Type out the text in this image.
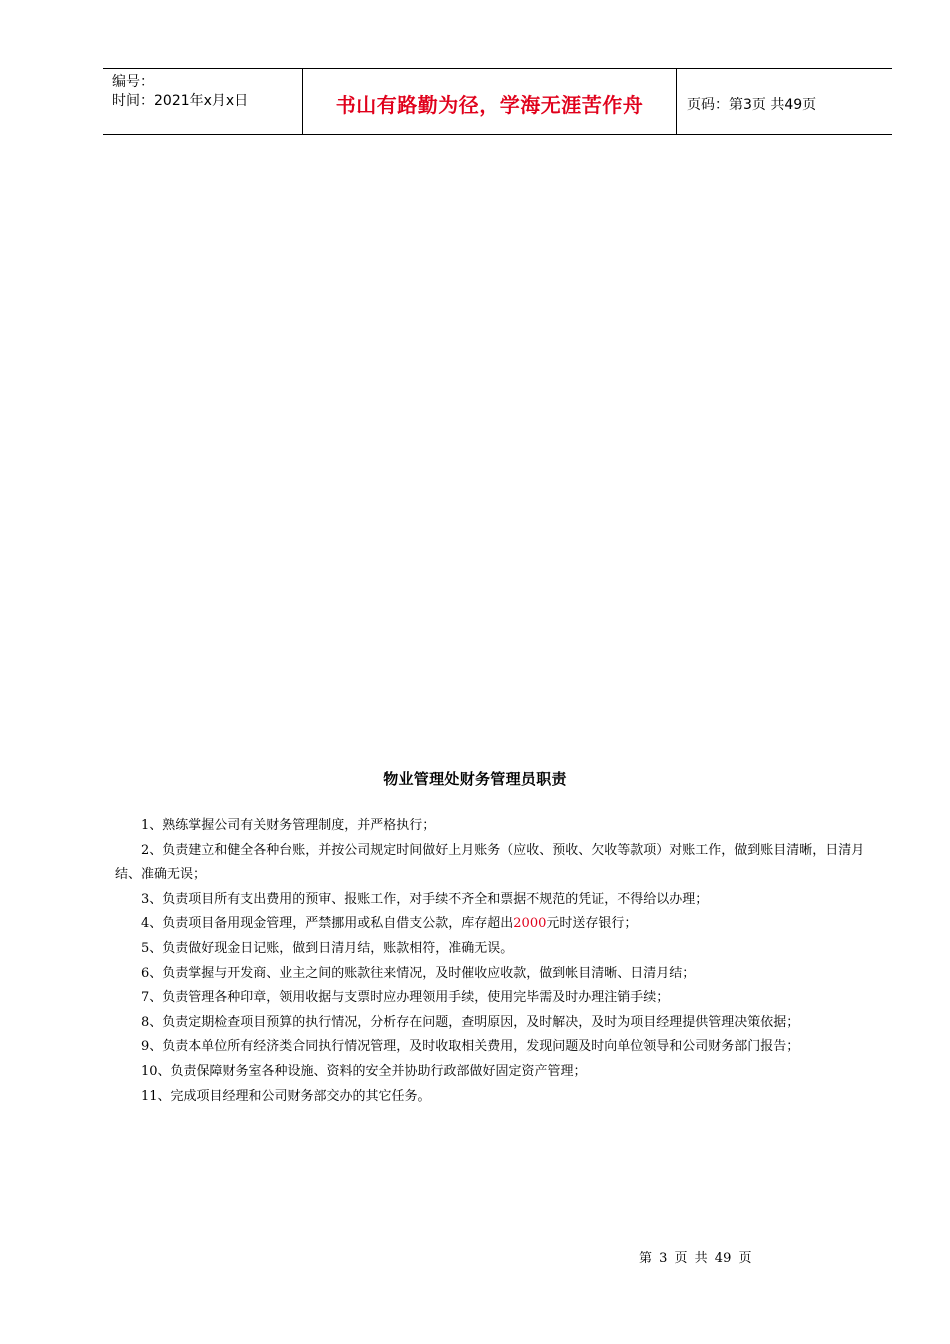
编号：
时间：2021年x月x日	书山有路勤为径，学海无涯苦作舟	页码：第3页 共49页
物业管理处财务管理员职责

1、熟练掌握公司有关财务管理制度，并严格执行；

2、负责建立和健全各种台账，并按公司规定时间做好上月账务（应收、预收、欠收等款项）对账工作，做到账目清晰，日清月结、准确无误；

3、负责项目所有支出费用的预审、报账工作，对手续不齐全和票据不规范的凭证，不得给以办理；

4、负责项目备用现金管理，严禁挪用或私自借支公款，库存超出2000元时送存银行；

5、负责做好现金日记账，做到日清月结，账款相符，准确无误。

6、负责掌握与开发商、业主之间的账款往来情况，及时催收应收款，做到帐目清晰、日清月结；

7、负责管理各种印章，领用收据与支票时应办理领用手续，使用完毕需及时办理注销手续；

8、负责定期检查项目预算的执行情况，分析存在问题，查明原因，及时解决，及时为项目经理提供管理决策依据；

9、负责本单位所有经济类合同执行情况管理，及时收取相关费用，发现问题及时向单位领导和公司财务部门报告；

10、负责保障财务室各种设施、资料的安全并协助行政部做好固定资产管理；

11、完成项目经理和公司财务部交办的其它任务。

第 3 页 共 49 页
